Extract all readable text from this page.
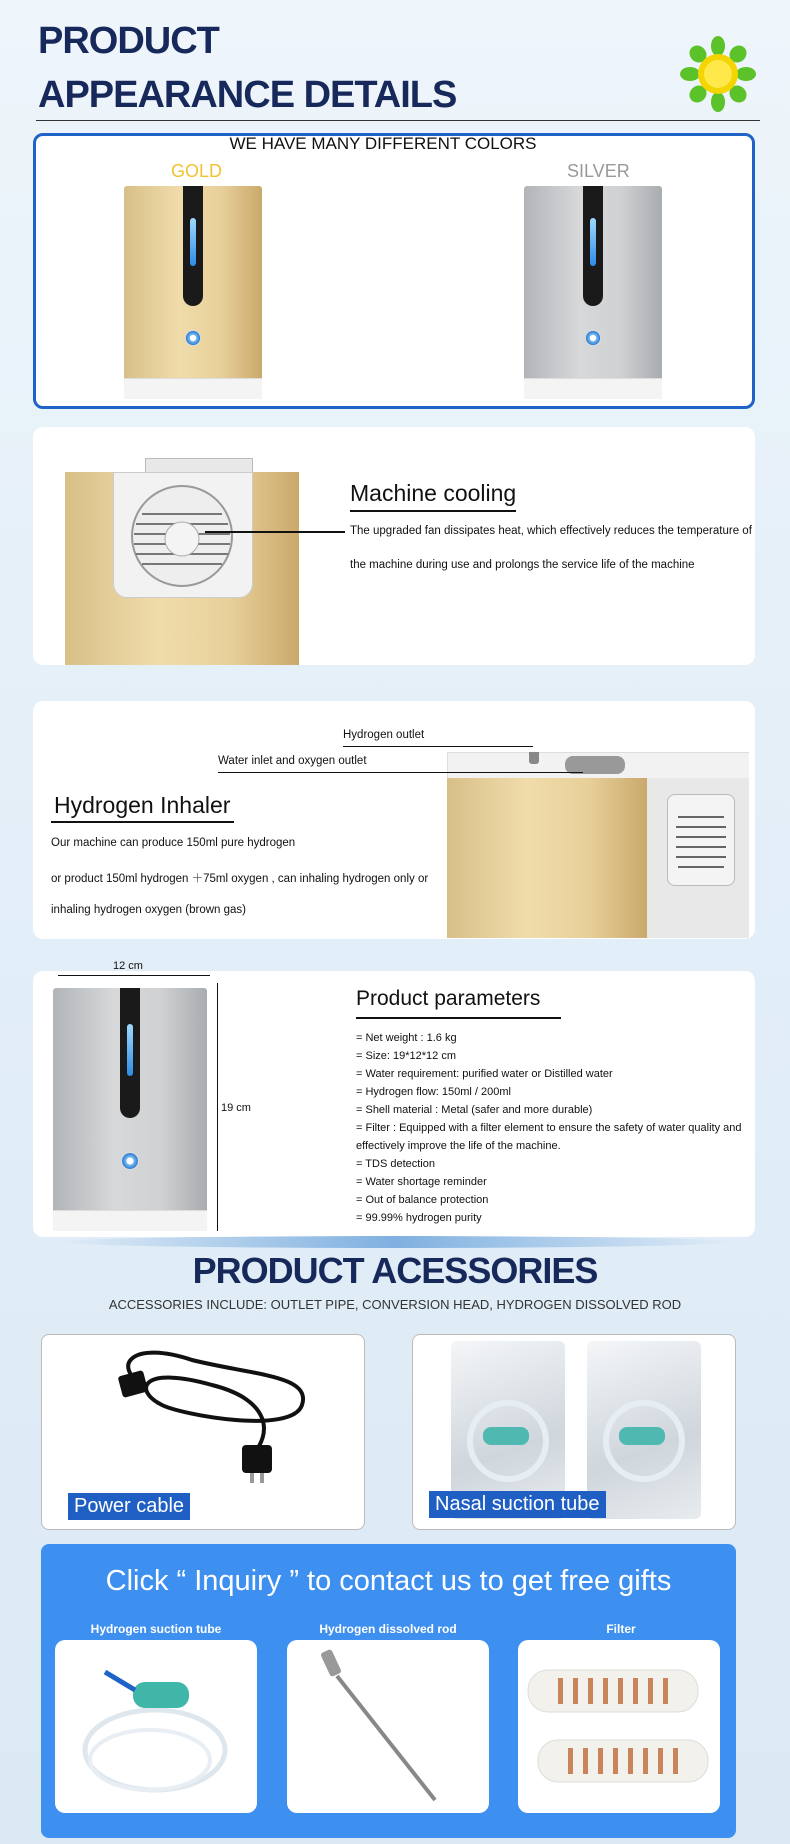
PRODUCT
APPEARANCE DETAILS
WE HAVE MANY DIFFERENT COLORS
GOLD	SILVER
Machine cooling
The upgraded fan dissipates heat, which effectively reduces the temperature of
the machine during use and prolongs the service life of the machine
Hydrogen outlet
Water inlet and oxygen outlet
Hydrogen Inhaler
Our machine can produce 150ml pure hydrogen
or product 150ml hydrogen ＋75ml oxygen , can inhaling hydrogen only or
inhaling hydrogen oxygen (brown gas)
12 cm
19 cm
Product parameters
= Net weight : 1.6 kg
= Size: 19*12*12 cm
= Water requirement: purified water or Distilled water
= Hydrogen flow: 150ml / 200ml
= Shell material : Metal (safer and more durable)
= Filter : Equipped with a filter element to ensure the safety of water quality and
effectively improve the life of the machine.
= TDS detection
= Water shortage reminder
= Out of balance protection
= 99.99% hydrogen purity
PRODUCT ACESSORIES
ACCESSORIES INCLUDE: OUTLET PIPE, CONVERSION HEAD, HYDROGEN DISSOLVED ROD
Power cable	Nasal suction tube
Click “ Inquiry ” to contact us to get free gifts
Hydrogen suction tube	Hydrogen dissolved rod	Filter
